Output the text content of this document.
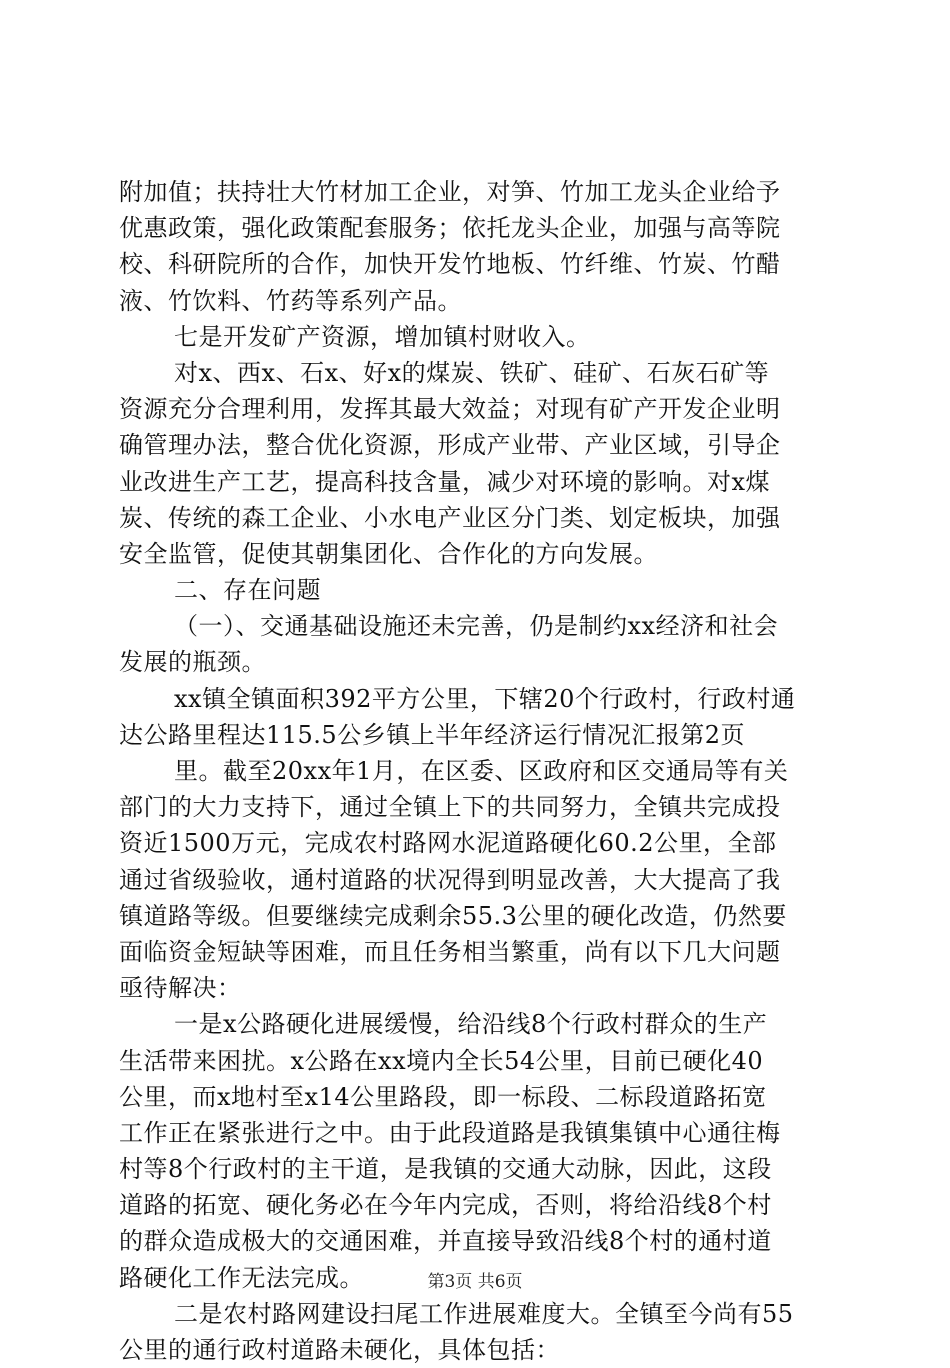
附加值；扶持壮大竹材加工企业，对笋、竹加工龙头企业给予
优惠政策，强化政策配套服务；依托龙头企业，加强与高等院
校、科研院所的合作，加快开发竹地板、竹纤维、竹炭、竹醋
液、竹饮料、竹药等系列产品。
七是开发矿产资源，增加镇村财收入。
对x、西x、石x、好x的煤炭、铁矿、硅矿、石灰石矿等
资源充分合理利用，发挥其最大效益；对现有矿产开发企业明
确管理办法，整合优化资源，形成产业带、产业区域，引导企
业改进生产工艺，提高科技含量，减少对环境的影响。对x煤
炭、传统的森工企业、小水电产业区分门类、划定板块，加强
安全监管，促使其朝集团化、合作化的方向发展。
二、存在问题
（一）、交通基础设施还未完善，仍是制约xx经济和社会
发展的瓶颈。
xx镇全镇面积392平方公里，下辖20个行政村，行政村通
达公路里程达115.5公乡镇上半年经济运行情况汇报第2页
里。截至20xx年1月，在区委、区政府和区交通局等有关
部门的大力支持下，通过全镇上下的共同努力，全镇共完成投
资近1500万元，完成农村路网水泥道路硬化60.2公里，全部
通过省级验收，通村道路的状况得到明显改善，大大提高了我
镇道路等级。但要继续完成剩余55.3公里的硬化改造，仍然要
面临资金短缺等困难，而且任务相当繁重，尚有以下几大问题
亟待解决：
一是x公路硬化进展缓慢，给沿线8个行政村群众的生产
生活带来困扰。x公路在xx境内全长54公里，目前已硬化40
公里，而x地村至x14公里路段，即一标段、二标段道路拓宽
工作正在紧张进行之中。由于此段道路是我镇集镇中心通往梅
村等8个行政村的主干道，是我镇的交通大动脉，因此，这段
道路的拓宽、硬化务必在今年内完成，否则，将给沿线8个村
的群众造成极大的交通困难，并直接导致沿线8个村的通村道
路硬化工作无法完成。
二是农村路网建设扫尾工作进展难度大。全镇至今尚有55
公里的通行政村道路未硬化，具体包括：
第3页 共6页
